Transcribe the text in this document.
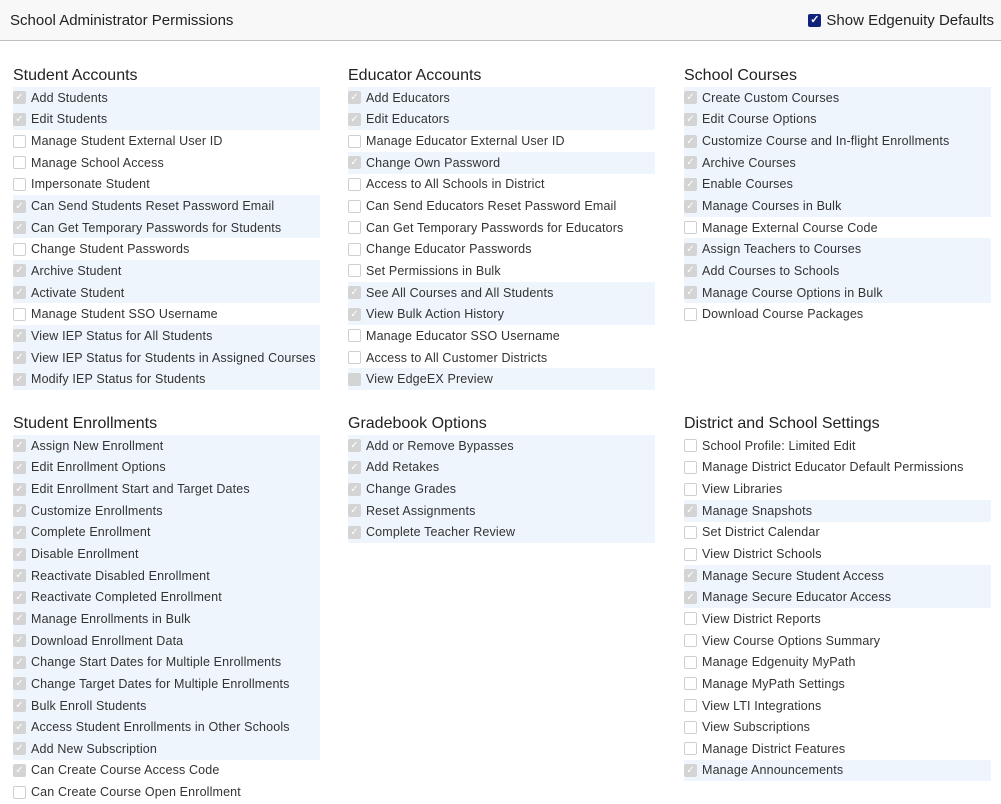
School Administrator Permissions	✓ Show Edgenuity Defaults
Student Accounts
✓ Add Students
✓ Edit Students
Manage Student External User ID
Manage School Access
Impersonate Student
✓ Can Send Students Reset Password Email
✓ Can Get Temporary Passwords for Students
Change Student Passwords
✓ Archive Student
✓ Activate Student
Manage Student SSO Username
✓ View IEP Status for All Students
✓ View IEP Status for Students in Assigned Courses
✓ Modify IEP Status for Students
Educator Accounts
✓ Add Educators
✓ Edit Educators
Manage Educator External User ID
✓ Change Own Password
Access to All Schools in District
Can Send Educators Reset Password Email
Can Get Temporary Passwords for Educators
Change Educator Passwords
Set Permissions in Bulk
✓ See All Courses and All Students
✓ View Bulk Action History
Manage Educator SSO Username
Access to All Customer Districts
View EdgeEX Preview
School Courses
✓ Create Custom Courses
✓ Edit Course Options
✓ Customize Course and In-flight Enrollments
✓ Archive Courses
✓ Enable Courses
✓ Manage Courses in Bulk
Manage External Course Code
✓ Assign Teachers to Courses
✓ Add Courses to Schools
✓ Manage Course Options in Bulk
Download Course Packages
Student Enrollments
✓ Assign New Enrollment
✓ Edit Enrollment Options
✓ Edit Enrollment Start and Target Dates
✓ Customize Enrollments
✓ Complete Enrollment
✓ Disable Enrollment
✓ Reactivate Disabled Enrollment
✓ Reactivate Completed Enrollment
✓ Manage Enrollments in Bulk
✓ Download Enrollment Data
✓ Change Start Dates for Multiple Enrollments
✓ Change Target Dates for Multiple Enrollments
✓ Bulk Enroll Students
✓ Access Student Enrollments in Other Schools
✓ Add New Subscription
✓ Can Create Course Access Code
Can Create Course Open Enrollment
Gradebook Options
✓ Add or Remove Bypasses
✓ Add Retakes
✓ Change Grades
✓ Reset Assignments
✓ Complete Teacher Review
District and School Settings
School Profile: Limited Edit
Manage District Educator Default Permissions
View Libraries
✓ Manage Snapshots
Set District Calendar
View District Schools
✓ Manage Secure Student Access
✓ Manage Secure Educator Access
View District Reports
View Course Options Summary
Manage Edgenuity MyPath
Manage MyPath Settings
View LTI Integrations
View Subscriptions
Manage District Features
✓ Manage Announcements
